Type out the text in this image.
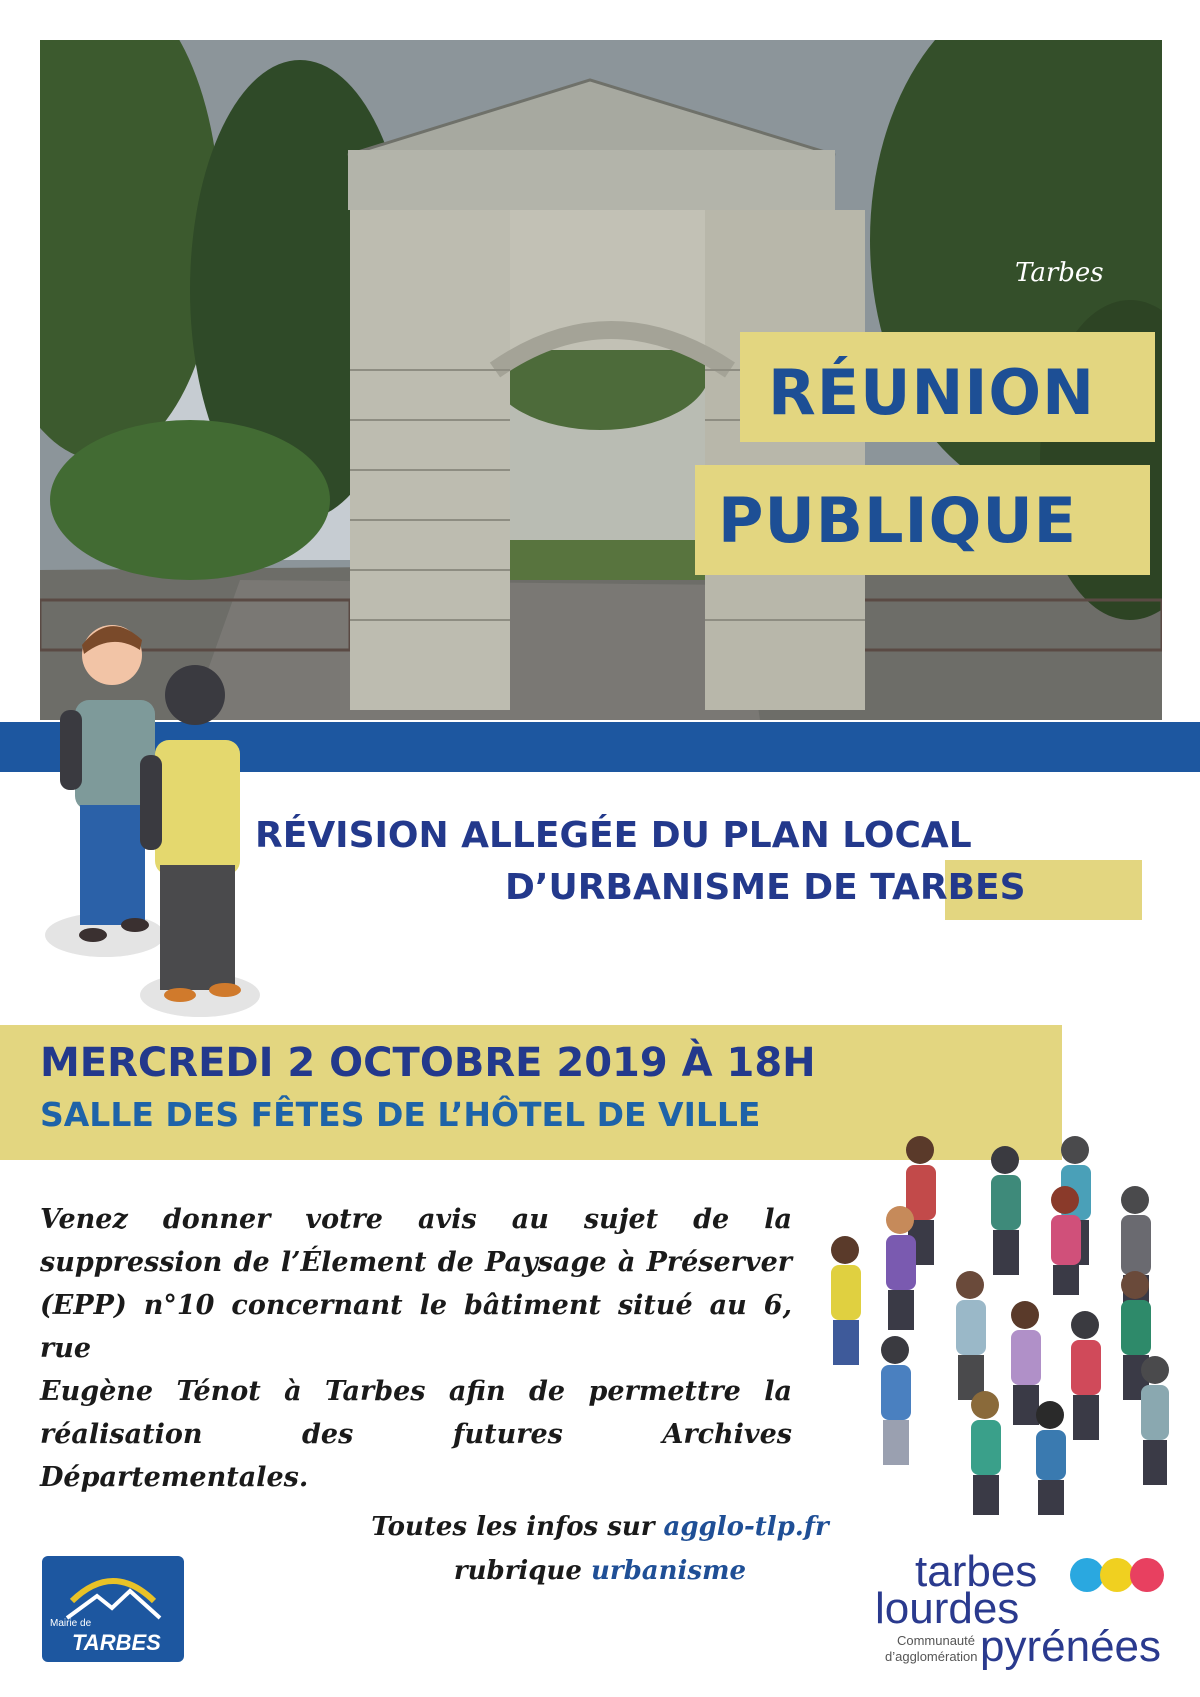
Tarbes
RÉUNION
PUBLIQUE
RÉVISION ALLEGÉE DU PLAN LOCAL
D’URBANISME DE TARBES
MERCREDI 2 OCTOBRE 2019 À 18H
SALLE DES FÊTES DE L’HÔTEL DE VILLE
Venez donner votre avis au sujet de la
suppression de l’Élement de Paysage à Préserver
(EPP) n°10 concernant le bâtiment situé au 6, rue
Eugène Ténot à Tarbes afin de permettre la
réalisation des futures Archives Départementales.
Toutes les infos sur agglo-tlp.fr
rubrique urbanisme
Mairie de
TARBES
tarbes
lourdes
pyrénées
Communauté
d’agglomération
